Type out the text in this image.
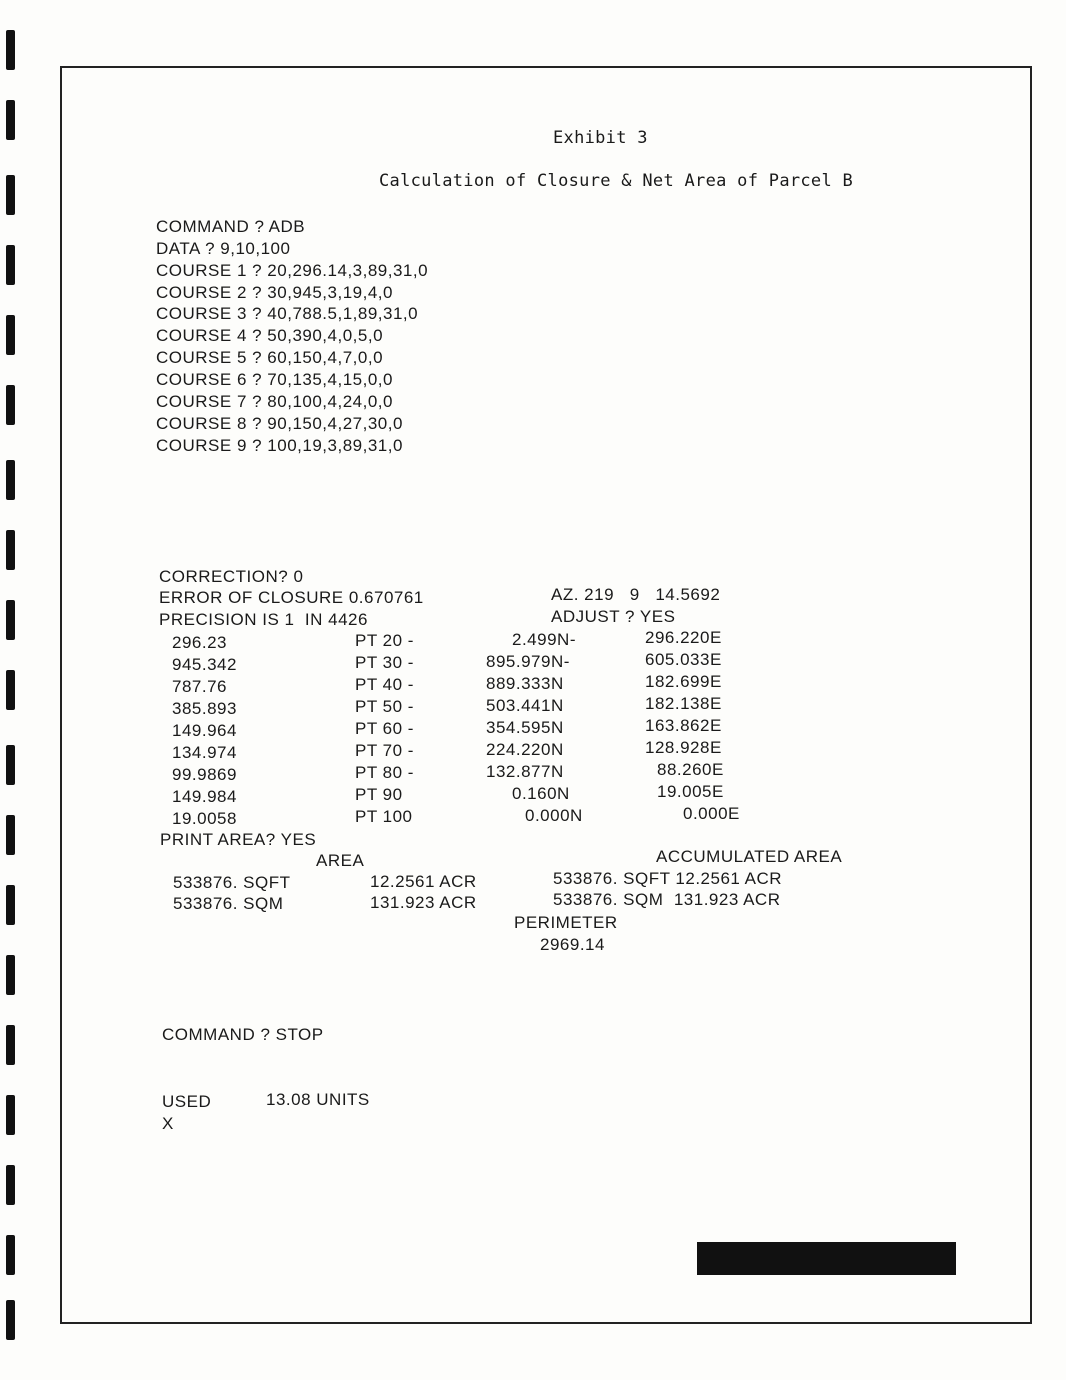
Exhibit 3
Calculation of Closure & Net Area of Parcel B
COMMAND ? ADB
DATA ? 9,10,100
COURSE 1 ? 20,296.14,3,89,31,0
COURSE 2 ? 30,945,3,19,4,0
COURSE 3 ? 40,788.5,1,89,31,0
COURSE 4 ? 50,390,4,0,5,0
COURSE 5 ? 60,150,4,7,0,0
COURSE 6 ? 70,135,4,15,0,0
COURSE 7 ? 80,100,4,24,0,0
COURSE 8 ? 90,150,4,27,30,0
COURSE 9 ? 100,19,3,89,31,0
CORRECTION? 0
ERROR OF CLOSURE 0.670761	AZ. 219   9   14.5692
PRECISION IS 1  IN 4426	ADJUST ? YES
296.23	PT 20 -	2.499N-	296.220E
945.342	PT 30 -	895.979N-	605.033E
787.76	PT 40 -	889.333N	182.699E
385.893	PT 50 -	503.441N	182.138E
149.964	PT 60 -	354.595N	163.862E
134.974	PT 70 -	224.220N	128.928E
99.9869	PT 80 -	132.877N	88.260E
149.984	PT 90	0.160N	19.005E
19.0058	PT 100	0.000N	0.000E
PRINT AREA? YES
AREA	ACCUMULATED AREA
533876. SQFT	12.2561 ACR	533876. SQFT 12.2561 ACR
533876. SQM	131.923 ACR	533876. SQM  131.923 ACR
PERIMETER
2969.14
COMMAND ? STOP
USED	13.08 UNITS
X
